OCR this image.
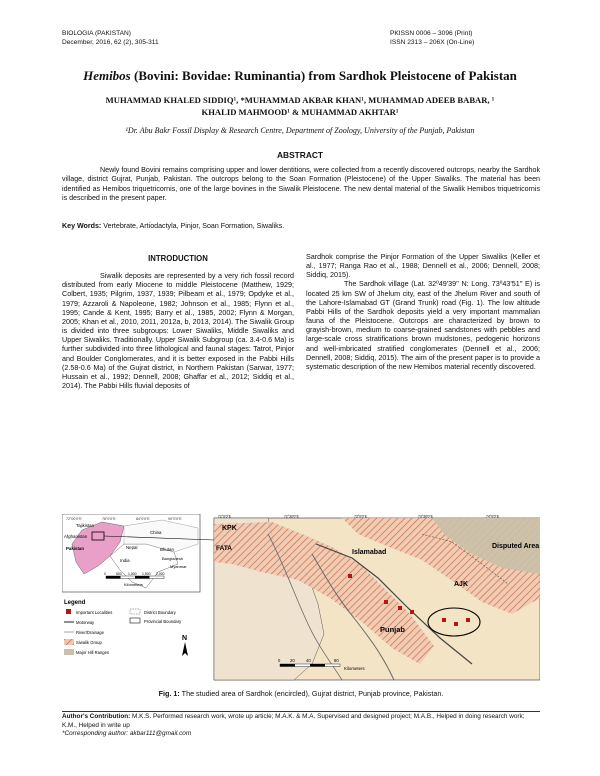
BIOLOGIA (PAKISTAN)
December, 2016, 62 (2), 305-311
PKISSN 0006 – 3096 (Print)
ISSN 2313 – 206X (On-Line)
Hemibos (Bovini: Bovidae: Ruminantia) from Sardhok Pleistocene of Pakistan
MUHAMMAD KHALED SIDDIQ¹, *MUHAMMAD AKBAR KHAN¹, MUHAMMAD ADEEB BABAR, ¹
KHALID MAHMOOD¹ & MUHAMMAD AKHTAR¹
¹Dr. Abu Bakr Fossil Display & Research Centre, Department of Zoology, University of the Punjab, Pakistan
ABSTRACT
Newly found Bovini remains comprising upper and lower dentitions, were collected from a recently discovered outcrops, nearby the Sardhok village, district Gujrat, Punjab, Pakistan. The outcrops belong to the Soan Formation (Pleistocene) of the Upper Siwaliks. The material has been identified as Hemibos triquetricornis, one of the large bovines in the Siwalik Pleistocene. The new dental material of the Siwalik Hemibos triquetricornis is described in the present paper.
Key Words: Vertebrate, Artiodactyla, Pinjor, Soan Formation, Siwaliks.
INTRODUCTION

Siwalik deposits are represented by a very rich fossil record distributed from early Miocene to middle Pleistocene (Matthew, 1929; Colbert, 1935; Pilgrim, 1937, 1939; Pilbeam et al., 1979; Opdyke et al., 1979; Azzaroli & Napoleone, 1982; Johnson et al., 1985; Flynn et al., 1995; Cande & Kent, 1995; Barry et al., 1985, 2002; Flynn & Morgan, 2005; Khan et al., 2010, 2011, 2012a, b, 2013, 2014). The Siwalik Group is divided into three subgroups: Lower Siwaliks, Middle Siwaliks and Upper Siwaliks. Traditionally. Upper Siwalik Subgroup (ca. 3.4-0.6 Ma) is further subdivided into three lithological and faunal stages: Tatrot, Pinjor and Boulder Conglomerates, and it is better exposed in the Pabbi Hills (2.58-0.6 Ma) of the Gujrat district, in Northern Pakistan (Sarwar, 1977; Hussain et al., 1992; Dennell, 2008; Ghaffar et al., 2012; Siddiq et al., 2014). The Pabbi Hills fluvial deposits of

Sardhok comprise the Pinjor Formation of the Upper Siwaliks (Keller et al., 1977; Ranga Rao et al., 1988; Dennell et al., 2006; Dennell, 2008; Siddiq, 2015).

The Sardhok village (Lat. 32º49'39'' N: Long. 73º43'51'' E) is located 25 km SW of Jhelum city, east of the Jhelum River and south of the Lahore-Islamabad GT (Grand Trunk) road (Fig. 1). The low altitude Pabbi Hills of the Sardhok deposits yield a very important mammalian fauna of the Pleistocene. Outcrops are characterized by brown to grayish-brown, medium to coarse-grained sandstones with pebbles and large-scale cross stratifications brown mudstones, pedogenic horizons and well-imbricated stratified conglomerates (Dennell et al., 2006; Dennell, 2008; Siddiq, 2015). The aim of the present paper is to provide a systematic description of the new Hemibos material recently discovered.

72°00'0"E	78°0'0"E	84°0'0"E	90°0'0"E
Tajikistan
Afghanistan
China
Pakistan	Nepal	Bhutan
India	Bangladesh
Myanmar
0	500 1,000 1,500 2,000
Kilometers
Legend
Important Localities
Motorway
River/Drainage
Siwalik Group
Major Hill Ranges
District Boundary
Provincial Boundary
N
72°0'0"E	72°30'0"E	73°0'0"E	73°30'0"E	74°0'0"E
KPK
FATA
Islamabad
AJK
Disputed Area
Punjab
0 20	40	80
Kilometers
Fig. 1: The studied area of Sardhok (encircled), Gujrat district, Punjab province, Pakistan.
Author's Contribution: M.K.S. Performed research work, wrote up article; M.A.K. & M.A. Supervised and designed project; M.A.B., Helped in doing research work; K.M., Helped in write up
*Corresponding author: akbar111@gmail.com
